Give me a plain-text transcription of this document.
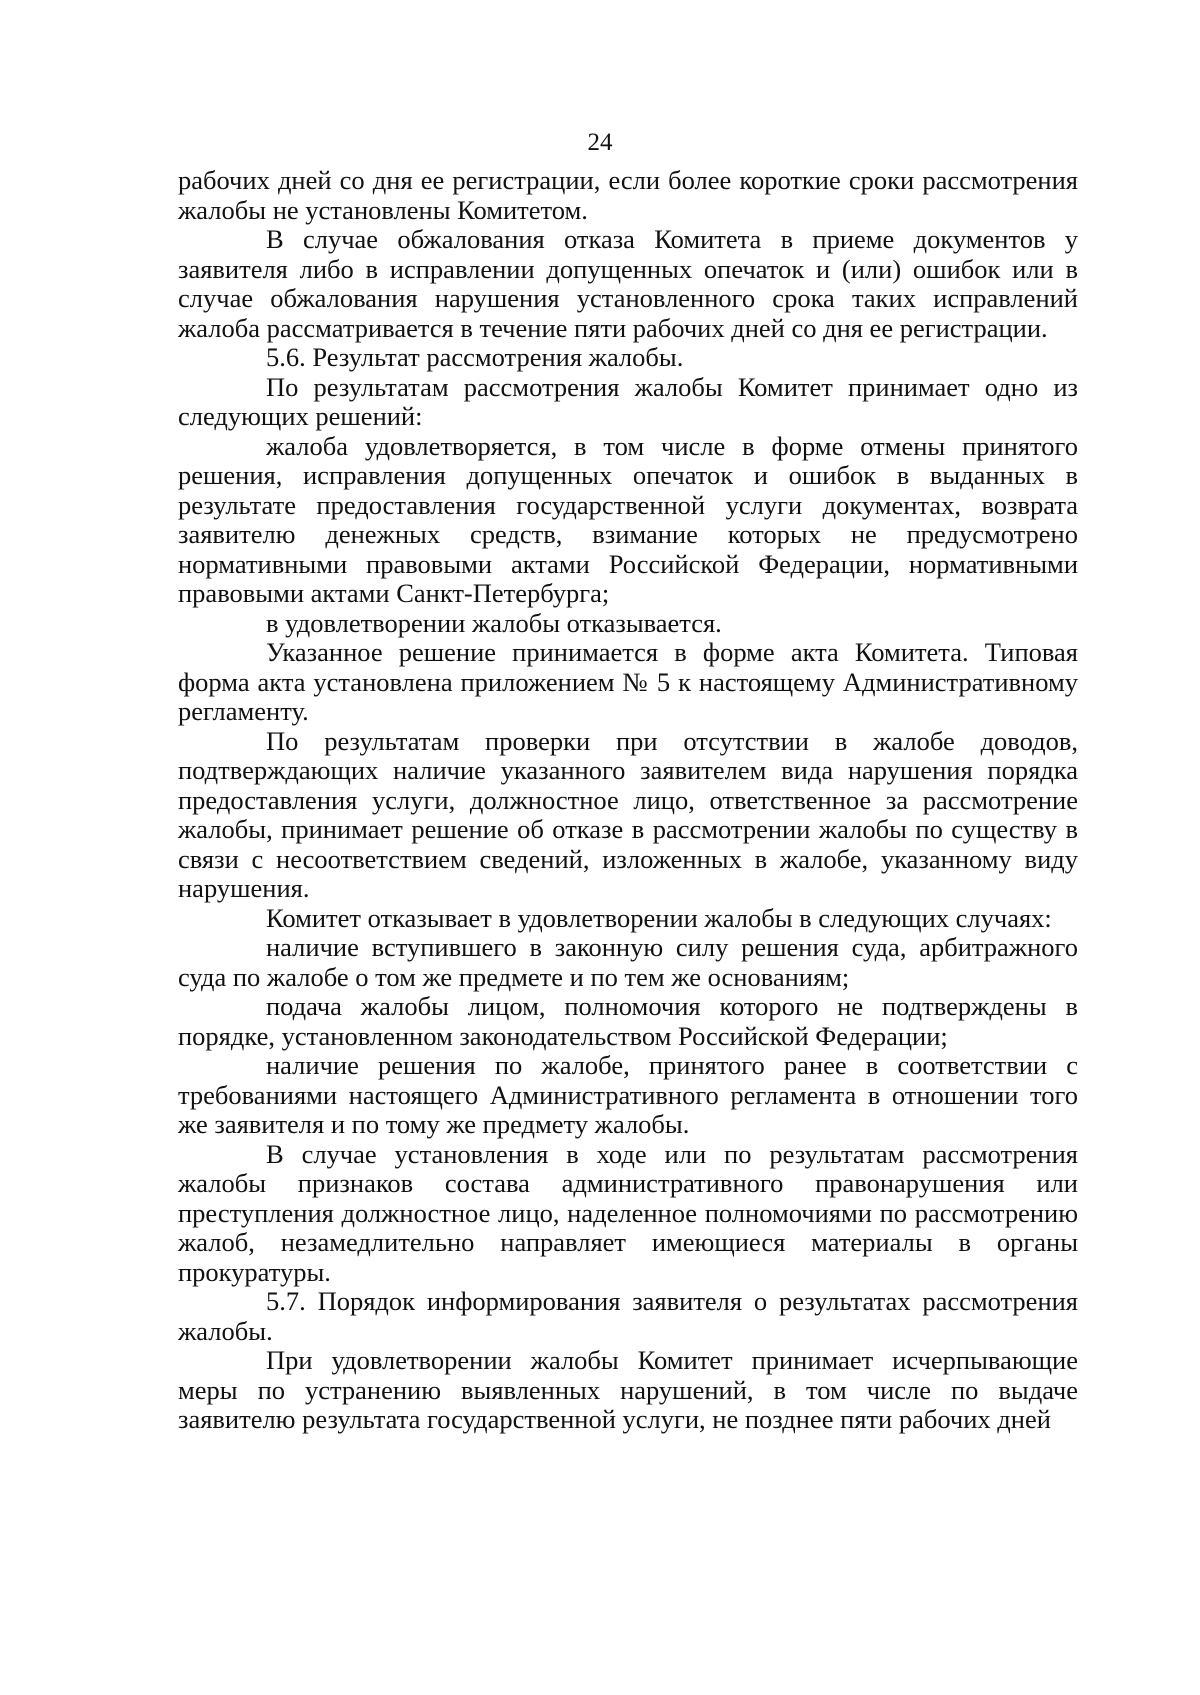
24

рабочих дней со дня ее регистрации, если более короткие сроки рассмотрения жалобы не установлены Комитетом.

В случае обжалования отказа Комитета в приеме документов у заявителя либо в исправлении допущенных опечаток и (или) ошибок или в случае обжалования нарушения установленного срока таких исправлений жалоба рассматривается в течение пяти рабочих дней со дня ее регистрации.

5.6. Результат рассмотрения жалобы.

По результатам рассмотрения жалобы Комитет принимает одно из следующих решений:

жалоба удовлетворяется, в том числе в форме отмены принятого решения, исправления допущенных опечаток и ошибок в выданных в результате предоставления государственной услуги документах, возврата заявителю денежных средств, взимание которых не предусмотрено нормативными правовыми актами Российской Федерации, нормативными правовыми актами Санкт-Петербурга;

в удовлетворении жалобы отказывается.

Указанное решение принимается в форме акта Комитета. Типовая форма акта установлена приложением № 5 к настоящему Административному регламенту.

По результатам проверки при отсутствии в жалобе доводов, подтверждающих наличие указанного заявителем вида нарушения порядка предоставления услуги, должностное лицо, ответственное за рассмотрение жалобы, принимает решение об отказе в рассмотрении жалобы по существу в связи с несоответствием сведений, изложенных в жалобе, указанному виду нарушения.

Комитет отказывает в удовлетворении жалобы в следующих случаях:

наличие вступившего в законную силу решения суда, арбитражного суда по жалобе о том же предмете и по тем же основаниям;

подача жалобы лицом, полномочия которого не подтверждены в порядке, установленном законодательством Российской Федерации;

наличие решения по жалобе, принятого ранее в соответствии с требованиями настоящего Административного регламента в отношении того же заявителя и по тому же предмету жалобы.

В случае установления в ходе или по результатам рассмотрения жалобы признаков состава административного правонарушения или преступления должностное лицо, наделенное полномочиями по рассмотрению жалоб, незамедлительно направляет имеющиеся материалы в органы прокуратуры.

5.7. Порядок информирования заявителя о результатах рассмотрения жалобы.

При удовлетворении жалобы Комитет принимает исчерпывающие меры по устранению выявленных нарушений, в том числе по выдаче заявителю результата государственной услуги, не позднее пяти рабочих дней
